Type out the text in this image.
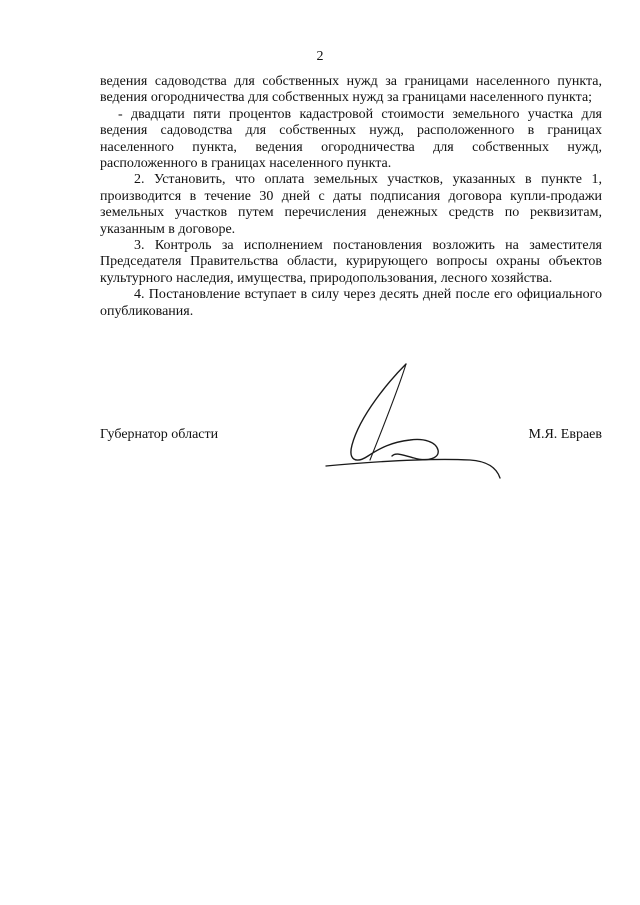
2

ведения садоводства для собственных нужд за границами населенного пункта, ведения огородничества для собственных нужд за границами населенного пункта;

- двадцати пяти процентов кадастровой стоимости земельного участка для ведения садоводства для собственных нужд, расположенного в границах населенного пункта, ведения огородничества для собственных нужд, расположенного в границах населенного пункта.

2. Установить, что оплата земельных участков, указанных в пункте 1, производится в течение 30 дней с даты подписания договора купли-продажи земельных участков путем перечисления денежных средств по реквизитам, указанным в договоре.

3. Контроль за исполнением постановления возложить на заместителя Председателя Правительства области, курирующего вопросы охраны объектов культурного наследия, имущества, природопользования, лесного хозяйства.

4. Постановление вступает в силу через десять дней после его официального опубликования.

Губернатор области	М.Я. Евраев
